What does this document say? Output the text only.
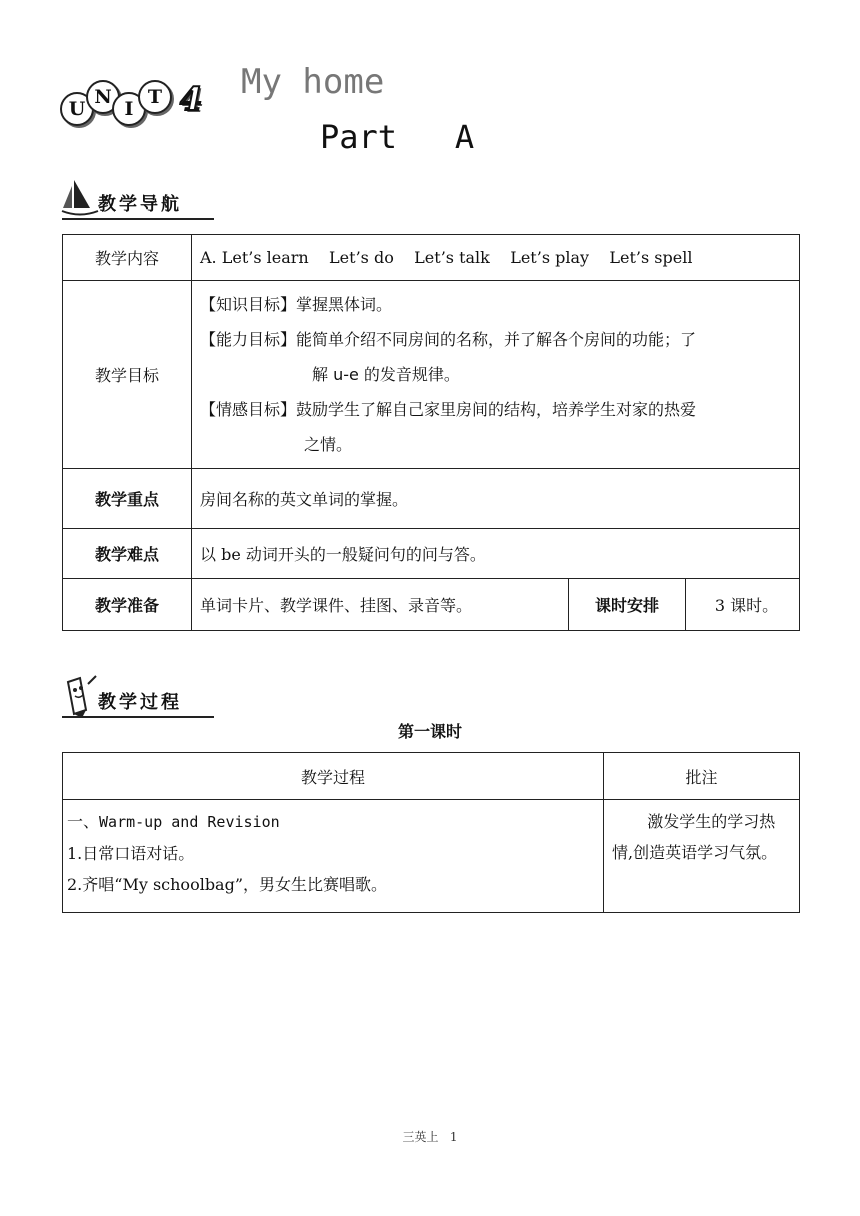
U
N
I
T 4 My home
Part   A
教学导航
教学内容	A. Let’s learn    Let’s do    Let’s talk    Let’s play    Let’s spell		
教学目标	【知识目标】掌握黑体词。

【能力目标】能简单介绍不同房间的名称，并了解各个房间的功能；了

解 u-e 的发音规律。

【情感目标】鼓励学生了解自己家里房间的结构，培养学生对家的热爱

之情。		

教学重点	房间名称的英文单词的掌握。		
教学难点	以 be 动词开头的一般疑问句的问与答。		
教学准备	单词卡片、教学课件、挂图、录音等。	课时安排	3 课时。
教学过程
第一课时
教学过程	批注

一、Warm-up and Revision
1.日常口语对话。
2.齐唱“My schoolbag”，男女生比赛唱歌。	激发学生的学习热情,创造英语学习气氛。
三英上   1
